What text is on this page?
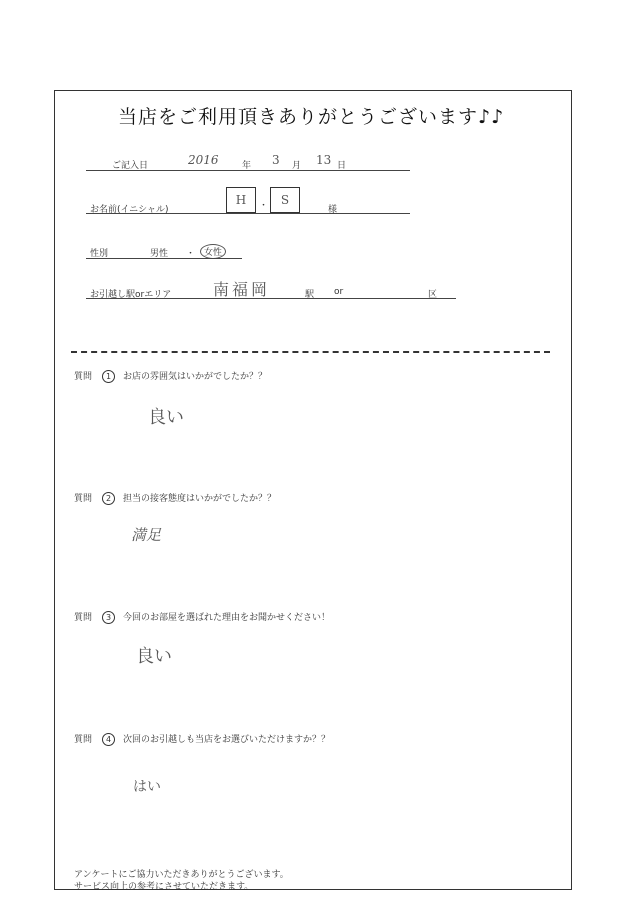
当店をご利用頂きありがとうございます♪♪
ご記入日	2016	年 3 月 13 日
お名前(イニシャル)
H	・	S
様
性別	男性 ・ 女性
お引越し駅orエリア	南福岡	駅 or	区
質問 1 お店の雰囲気はいかがでしたか？？
良い
質問 2 担当の接客態度はいかがでしたか？？
満足
質問 3 今回のお部屋を選ばれた理由をお聞かせください！
良い
質問 4 次回のお引越しも当店をお選びいただけますか？？
はい
アンケートにご協力いただきありがとうございます。
サービス向上の参考にさせていただきます。
